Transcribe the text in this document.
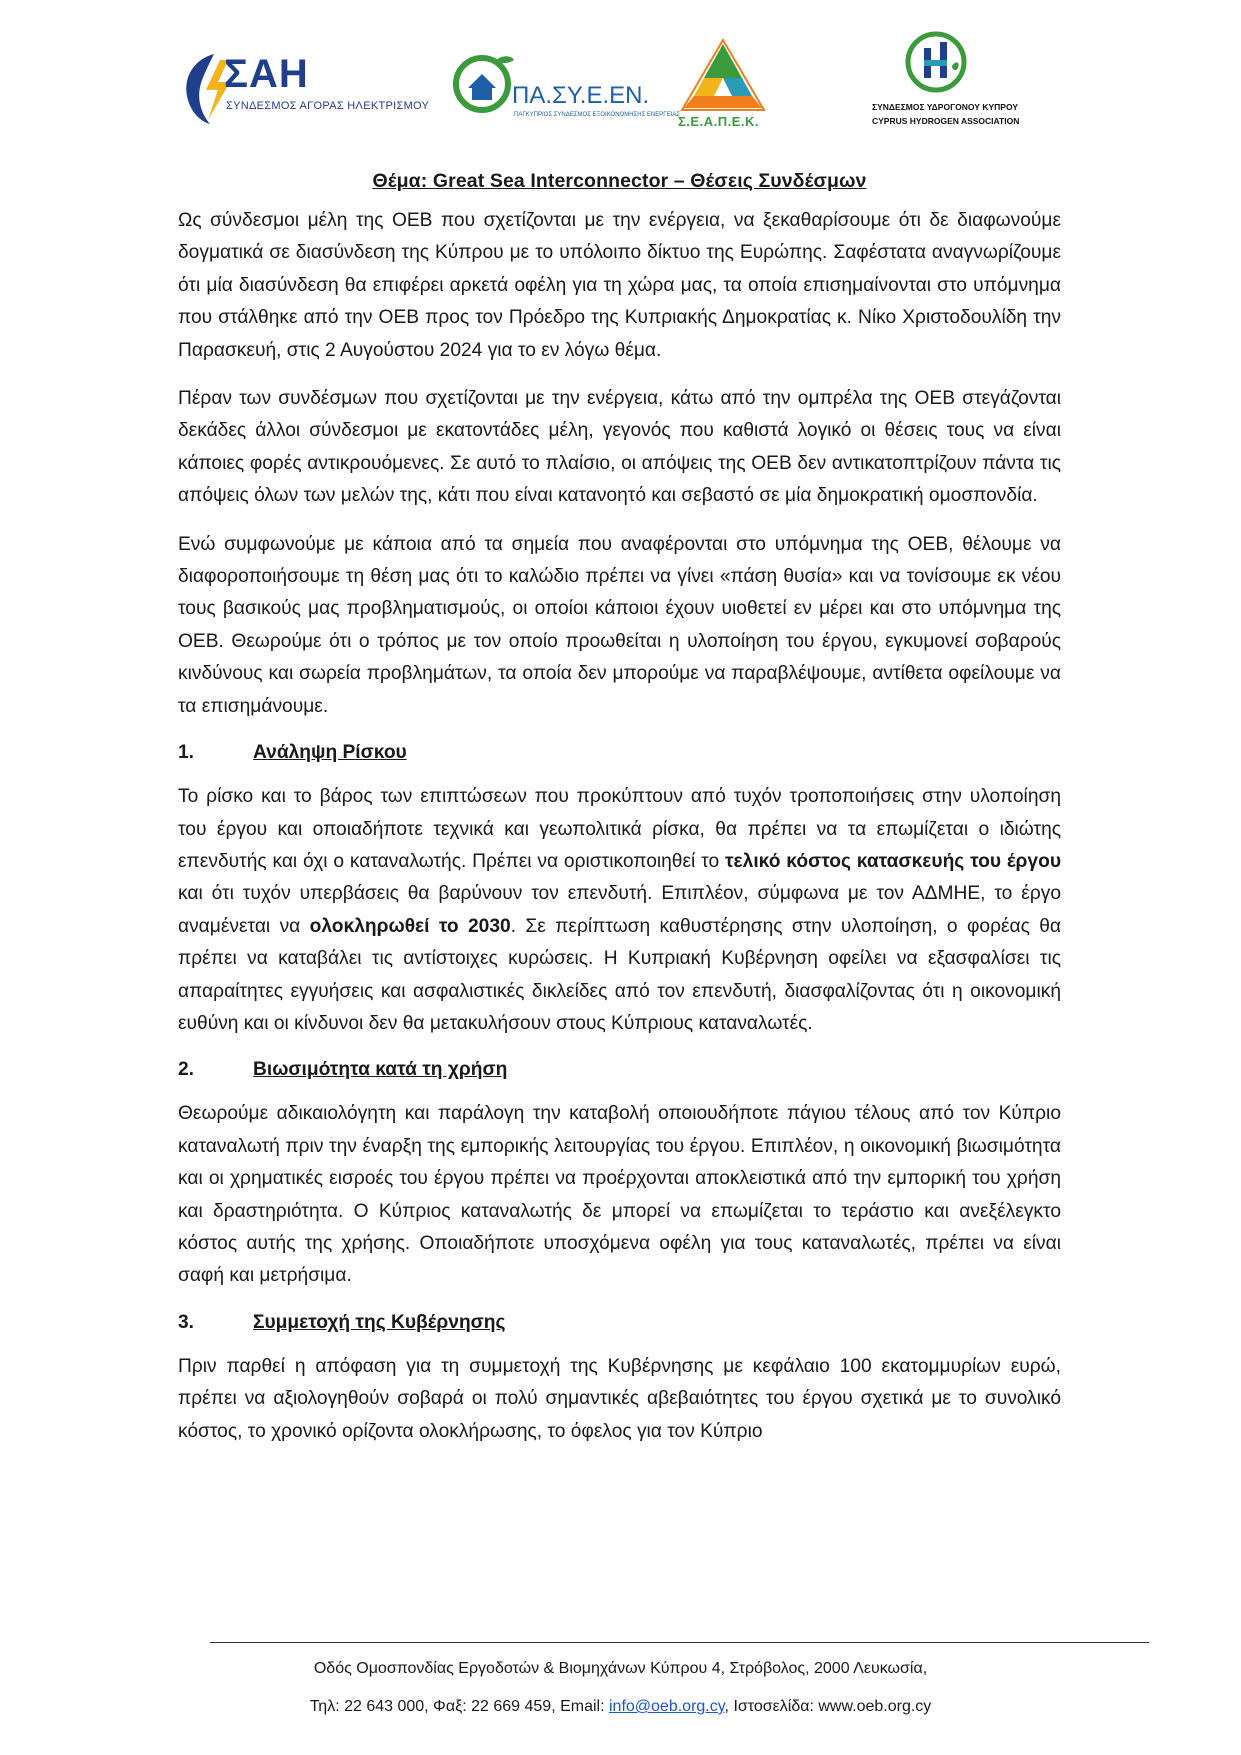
ΣΑΗ
ΣΥΝΔΕΣΜΟΣ ΑΓΟΡΑΣ ΗΛΕΚΤΡΙΣΜΟΥ	ΠΑ.ΣΥ.Ε.ΕΝ.
ΠΑΓΚΥΠΡΙΟΣ ΣΥΝΔΕΣΜΟΣ ΕΞΟΙΚΟΝΟΜΗΣΗΣ ΕΝΕΡΓΕΙΑΣ
Σ.Ε.Α.Π.Ε.Κ.
ΣΥΝΔΕΣΜΟΣ ΥΔΡΟΓΟΝΟΥ ΚΥΠΡΟΥ
CYPRUS HYDROGEN ASSOCIATION
Θέμα: Great Sea Interconnector – Θέσεις Συνδέσμων

Ως σύνδεσμοι μέλη της ΟΕΒ που σχετίζονται με την ενέργεια, να ξεκαθαρίσουμε ότι δε διαφωνούμε δογματικά σε διασύνδεση της Κύπρου με το υπόλοιπο δίκτυο της Ευρώπης. Σαφέστατα αναγνωρίζουμε ότι μία διασύνδεση θα επιφέρει αρκετά οφέλη για τη χώρα μας, τα οποία επισημαίνονται στο υπόμνημα που στάλθηκε από την ΟΕΒ προς τον Πρόεδρο της Κυπριακής Δημοκρατίας κ. Νίκο Χριστοδουλίδη την Παρασκευή, στις 2 Αυγούστου 2024 για το εν λόγω θέμα.

Πέραν των συνδέσμων που σχετίζονται με την ενέργεια, κάτω από την ομπρέλα της ΟΕΒ στεγάζονται δεκάδες άλλοι σύνδεσμοι με εκατοντάδες μέλη, γεγονός που καθιστά λογικό οι θέσεις τους να είναι κάποιες φορές αντικρουόμενες. Σε αυτό το πλαίσιο, οι απόψεις της ΟΕΒ δεν αντικατοπτρίζουν πάντα τις απόψεις όλων των μελών της, κάτι που είναι κατανοητό και σεβαστό σε μία δημοκρατική ομοσπονδία.

Ενώ συμφωνούμε με κάποια από τα σημεία που αναφέρονται στο υπόμνημα της ΟΕΒ, θέλουμε να διαφοροποιήσουμε τη θέση μας ότι το καλώδιο πρέπει να γίνει «πάση θυσία» και να τονίσουμε εκ νέου τους βασικούς μας προβληματισμούς, οι οποίοι κάποιοι έχουν υιοθετεί εν μέρει και στο υπόμνημα της ΟΕΒ. Θεωρούμε ότι ο τρόπος με τον οποίο προωθείται η υλοποίηση του έργου, εγκυμονεί σοβαρούς κινδύνους και σωρεία προβλημάτων, τα οποία δεν μπορούμε να παραβλέψουμε, αντίθετα οφείλουμε να τα επισημάνουμε.

1.	Ανάληψη Ρίσκου

Το ρίσκο και το βάρος των επιπτώσεων που προκύπτουν από τυχόν τροποποιήσεις στην υλοποίηση του έργου και οποιαδήποτε τεχνικά και γεωπολιτικά ρίσκα, θα πρέπει να τα επωμίζεται ο ιδιώτης επενδυτής και όχι ο καταναλωτής. Πρέπει να οριστικοποιηθεί το τελικό κόστος κατασκευής του έργου και ότι τυχόν υπερβάσεις θα βαρύνουν τον επενδυτή. Επιπλέον, σύμφωνα με τον ΑΔΜΗΕ, το έργο αναμένεται να ολοκληρωθεί το 2030. Σε περίπτωση καθυστέρησης στην υλοποίηση, ο φορέας θα πρέπει να καταβάλει τις αντίστοιχες κυρώσεις. Η Κυπριακή Κυβέρνηση οφείλει να εξασφαλίσει τις απαραίτητες εγγυήσεις και ασφαλιστικές δικλείδες από τον επενδυτή, διασφαλίζοντας ότι η οικονομική ευθύνη και οι κίνδυνοι δεν θα μετακυλήσουν στους Κύπριους καταναλωτές.

2.	Βιωσιμότητα κατά τη χρήση

Θεωρούμε αδικαιολόγητη και παράλογη την καταβολή οποιουδήποτε πάγιου τέλους από τον Κύπριο καταναλωτή πριν την έναρξη της εμπορικής λειτουργίας του έργου. Επιπλέον, η οικονομική βιωσιμότητα και οι χρηματικές εισροές του έργου πρέπει να προέρχονται αποκλειστικά από την εμπορική του χρήση και δραστηριότητα. Ο Κύπριος καταναλωτής δε μπορεί να επωμίζεται το τεράστιο και ανεξέλεγκτο κόστος αυτής της χρήσης. Οποιαδήποτε υποσχόμενα οφέλη για τους καταναλωτές, πρέπει να είναι σαφή και μετρήσιμα.

3.	Συμμετοχή της Κυβέρνησης

Πριν παρθεί η απόφαση για τη συμμετοχή της Κυβέρνησης με κεφάλαιο 100 εκατομμυρίων ευρώ, πρέπει να αξιολογηθούν σοβαρά οι πολύ σημαντικές αβεβαιότητες του έργου σχετικά με το συνολικό κόστος, το χρονικό ορίζοντα ολοκλήρωσης, το όφελος για τον Κύπριο

Οδός Ομοσπονδίας Εργοδοτών & Βιομηχάνων Κύπρου 4, Στρόβολος, 2000 Λευκωσία,
Τηλ: 22 643 000, Φαξ: 22 669 459, Email: info@oeb.org.cy, Ιστοσελίδα: www.oeb.org.cy
